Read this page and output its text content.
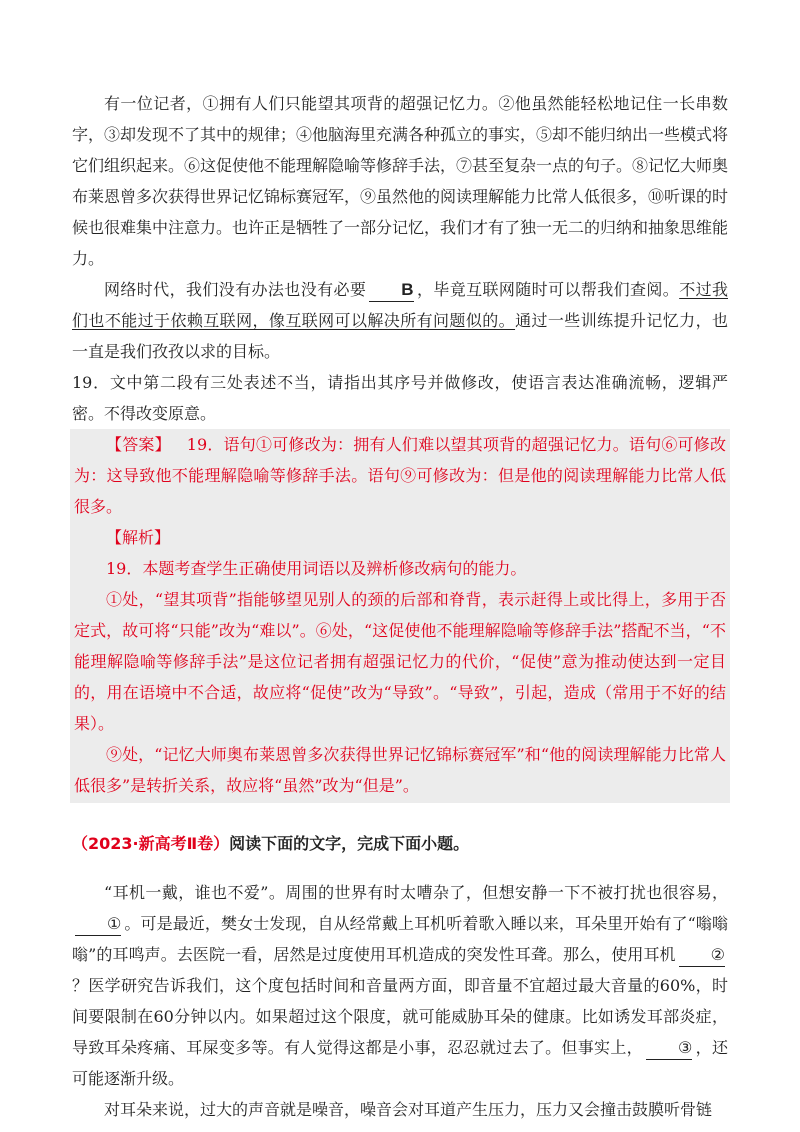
有一位记者，①拥有人们只能望其项背的超强记忆力。②他虽然能轻松地记住一长串数字，③却发现不了其中的规律；④他脑海里充满各种孤立的事实，⑤却不能归纳出一些模式将它们组织起来。⑥这促使他不能理解隐喻等修辞手法，⑦甚至复杂一点的句子。⑧记忆大师奥布莱恩曾多次获得世界记忆锦标赛冠军，⑨虽然他的阅读理解能力比常人低很多，⑩听课的时候也很难集中注意力。也许正是牺牲了一部分记忆，我们才有了独一无二的归纳和抽象思维能力。

网络时代，我们没有办法也没有必要 B ，毕竟互联网随时可以帮我们查阅。不过我们也不能过于依赖互联网，像互联网可以解决所有问题似的。通过一些训练提升记忆力，也一直是我们孜孜以求的目标。

19．文中第二段有三处表述不当，请指出其序号并做修改，使语言表达准确流畅，逻辑严密。不得改变原意。

【答案】 19．语句①可修改为：拥有人们难以望其项背的超强记忆力。语句⑥可修改为：这导致他不能理解隐喻等修辞手法。语句⑨可修改为：但是他的阅读理解能力比常人低很多。

【解析】

19．本题考查学生正确使用词语以及辨析修改病句的能力。

①处，“望其项背”指能够望见别人的颈的后部和脊背，表示赶得上或比得上，多用于否定式，故可将“只能”改为“难以”。⑥处，“这促使他不能理解隐喻等修辞手法”搭配不当，“不能理解隐喻等修辞手法”是这位记者拥有超强记忆力的代价，“促使”意为推动使达到一定目的，用在语境中不合适，故应将“促使”改为“导致”。“导致”，引起，造成（常用于不好的结果）。

⑨处，“记忆大师奥布莱恩曾多次获得世界记忆锦标赛冠军”和“他的阅读理解能力比常人低很多”是转折关系，故应将“虽然”改为“但是”。

（2023·新高考Ⅱ卷）阅读下面的文字，完成下面小题。

“耳机一戴，谁也不爱”。周围的世界有时太嘈杂了，但想安静一下不被打扰也很容易，① 。可是最近，樊女士发现，自从经常戴上耳机听着歌入睡以来，耳朵里开始有了“嗡嗡嗡”的耳鸣声。去医院一看，居然是过度使用耳机造成的突发性耳聋。那么，使用耳机 ②？医学研究告诉我们，这个度包括时间和音量两方面，即音量不宜超过最大音量的60%，时间要限制在60分钟以内。如果超过这个限度，就可能威胁耳朵的健康。比如诱发耳部炎症，导致耳朵疼痛、耳屎变多等。有人觉得这都是小事，忍忍就过去了。但事实上， ③ ，还可能逐渐升级。

对耳朵来说，过大的声音就是噪音，噪音会对耳道产生压力，压力又会撞击鼓膜听骨链
